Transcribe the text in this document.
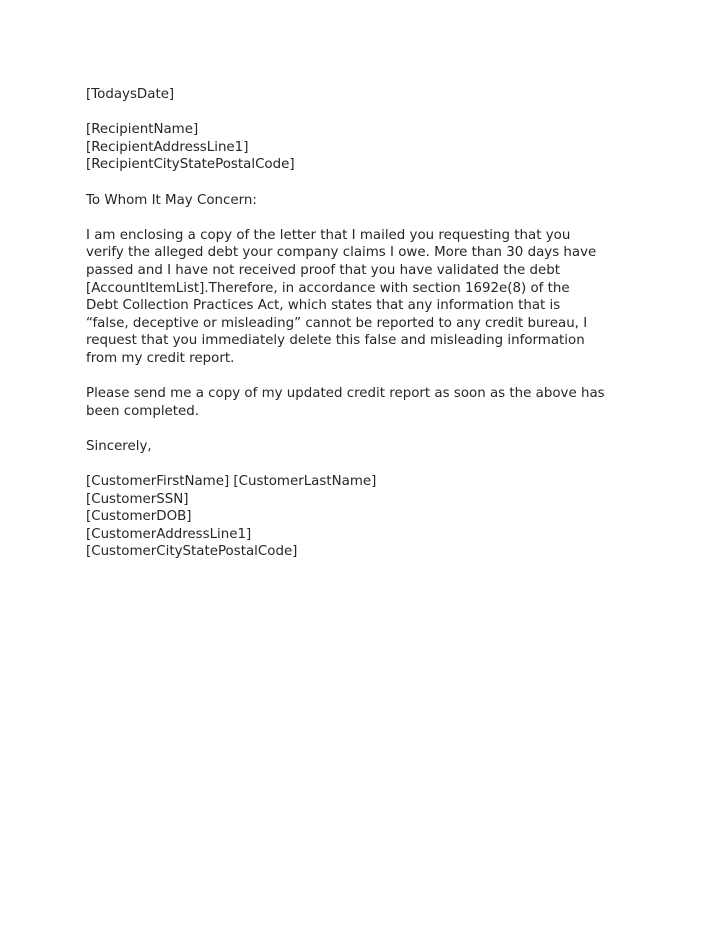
[TodaysDate]
[RecipientName]
[RecipientAddressLine1]
[RecipientCityStatePostalCode]
To Whom It May Concern:
I am enclosing a copy of the letter that I mailed you requesting that you
verify the alleged debt your company claims I owe. More than 30 days have
passed and I have not received proof that you have validated the debt
[AccountItemList].Therefore, in accordance with section 1692e(8) of the
Debt Collection Practices Act, which states that any information that is
“false, deceptive or misleading” cannot be reported to any credit bureau, I
request that you immediately delete this false and misleading information
from my credit report.
Please send me a copy of my updated credit report as soon as the above has
been completed.
Sincerely,
[CustomerFirstName] [CustomerLastName]
[CustomerSSN]
[CustomerDOB]
[CustomerAddressLine1]
[CustomerCityStatePostalCode]
